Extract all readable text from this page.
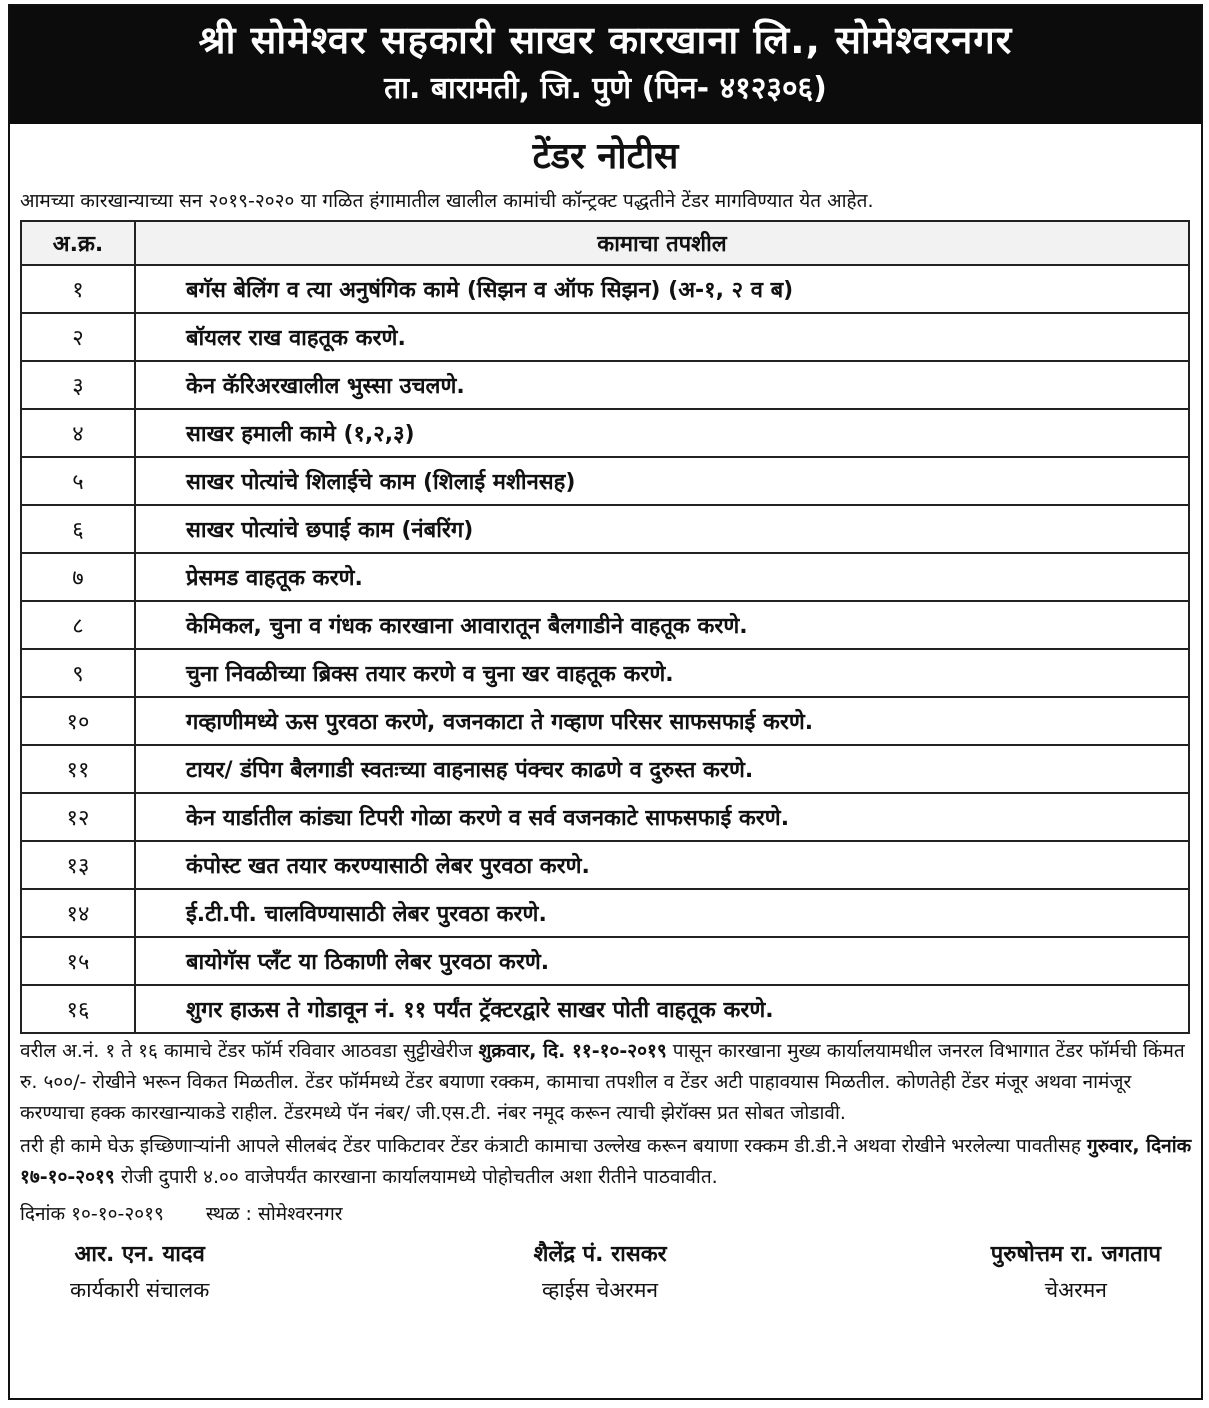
श्री सोमेश्वर सहकारी साखर कारखाना लि., सोमेश्वरनगर
ता. बारामती, जि. पुणे (पिन- ४१२३०६)
टेंडर नोटीस
आमच्या कारखान्याच्या सन २०१९-२०२० या गळित हंगामातील खालील कामांची कॉन्ट्रक्ट पद्धतीने टेंडर मागविण्यात येत आहेत.
अ.क्र.	कामाचा तपशील
१	बगॅस बेलिंग व त्या अनुषंगिक कामे (सिझन व ऑफ सिझन) (अ-१, २ व ब)
२	बॉयलर राख वाहतूक करणे.
३	केन कॅरिअरखालील भुस्सा उचलणे.
४	साखर हमाली कामे (१,२,३)
५	साखर पोत्यांचे शिलाईचे काम (शिलाई मशीनसह)
६	साखर पोत्यांचे छपाई काम (नंबरिंग)
७	प्रेसमड वाहतूक करणे.
८	केमिकल, चुना व गंधक कारखाना आवारातून बैलगाडीने वाहतूक करणे.
९	चुना निवळीच्या ब्रिक्स तयार करणे व चुना खर वाहतूक करणे.
१०	गव्हाणीमध्ये ऊस पुरवठा करणे, वजनकाटा ते गव्हाण परिसर साफसफाई करणे.
११	टायर/ डंपिग बैलगाडी स्वतःच्या वाहनासह पंक्चर काढणे व दुरुस्त करणे.
१२	केन यार्डातील कांड्या टिपरी गोळा करणे व सर्व वजनकाटे साफसफाई करणे.
१३	कंपोस्ट खत तयार करण्यासाठी लेबर पुरवठा करणे.
१४	ई.टी.पी. चालविण्यासाठी लेबर पुरवठा करणे.
१५	बायोगॅस प्लँट या ठिकाणी लेबर पुरवठा करणे.
१६	शुगर हाऊस ते गोडावून नं. ११ पर्यंत ट्रॅक्टरद्वारे साखर पोती वाहतूक करणे.
वरील अ.नं. १ ते १६ कामाचे टेंडर फॉर्म रविवार आठवडा सुट्टीखेरीज शुक्रवार, दि. ११-१०-२०१९ पासून कारखाना मुख्य कार्यालयामधील जनरल विभागात टेंडर फॉर्मची किंमत रु. ५००/- रोखीने भरून विकत मिळतील. टेंडर फॉर्ममध्ये टेंडर बयाणा रक्कम, कामाचा तपशील व टेंडर अटी पाहावयास मिळतील. कोणतेही टेंडर मंजूर अथवा नामंजूर करण्याचा हक्क कारखान्याकडे राहील. टेंडरमध्ये पॅन नंबर/ जी.एस.टी. नंबर नमूद करून त्याची झेरॉक्स प्रत सोबत जोडावी.
तरी ही कामे घेऊ इच्छिणाऱ्यांनी आपले सीलबंद टेंडर पाकिटावर टेंडर कंत्राटी कामाचा उल्लेख करून बयाणा रक्कम डी.डी.ने अथवा रोखीने भरलेल्या पावतीसह गुरुवार, दिनांक १७-१०-२०१९ रोजी दुपारी ४.०० वाजेपर्यंत कारखाना कार्यालयामध्ये पोहोचतील अशा रीतीने पाठवावीत.
दिनांक १०-१०-२०१९ स्थळ : सोमेश्वरनगर
आर. एन. यादव
कार्यकारी संचालक
शैलेंद्र पं. रासकर
व्हाईस चेअरमन
पुरुषोत्तम रा. जगताप
चेअरमन
